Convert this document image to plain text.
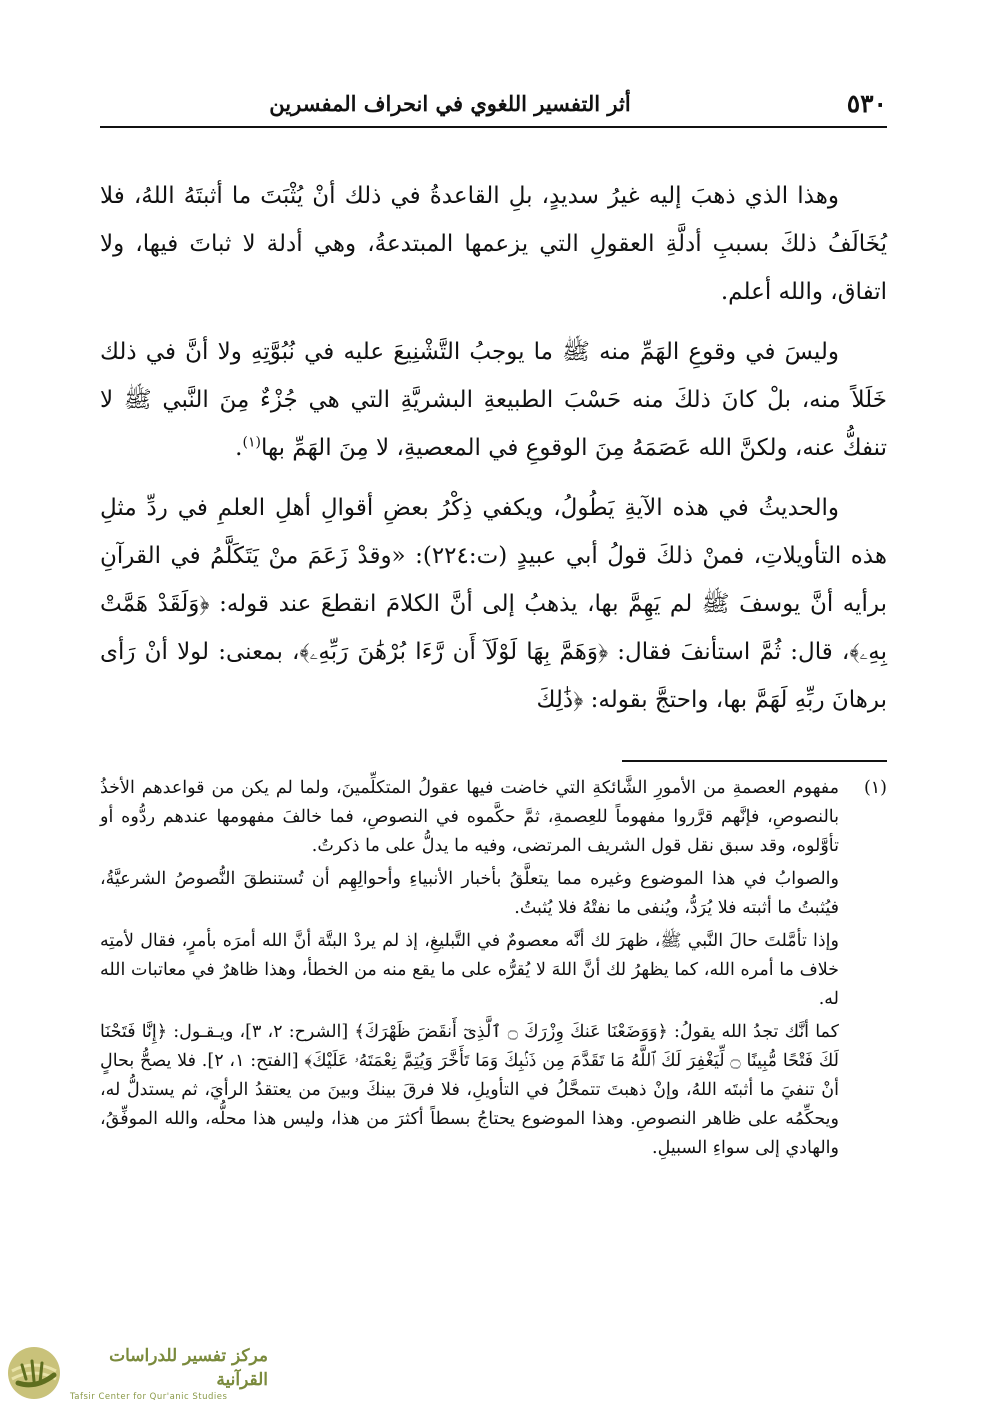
٥٣٠
أثر التفسير اللغوي في انحراف المفسرين

وهذا الذي ذهبَ إليه غيرُ سديدٍ، بلِ القاعدةُ في ذلك أنْ يُثْبَتَ ما أثبتَهُ اللهُ، فلا يُخَالَفُ ذلكَ بسببِ أدلَّةِ العقولِ التي يزعمها المبتدعةُ، وهي أدلة لا ثباتَ فيها، ولا اتفاق، والله أعلم.

وليسَ في وقوعِ الهَمِّ منه ﷺ ما يوجبُ التَّشْنِيعَ عليه في نُبُوَّتِهِ ولا أنَّ في ذلك خَلَلاً منه، بلْ كانَ ذلكَ منه حَسْبَ الطبيعةِ البشريَّةِ التي هي جُزْءٌ مِنَ النَّبي ﷺ لا تنفكُّ عنه، ولكنَّ الله عَصَمَهُ مِنَ الوقوعِ في المعصيةِ، لا مِنَ الهَمِّ بها$^{(١)}$.

والحديثُ في هذه الآيةِ يَطُولُ، ويكفي ذِكْرُ بعضِ أقوالِ أهلِ العلمِ في ردِّ مثلِ هذه التأويلاتِ، فمنْ ذلكَ قولُ أبي عبيدٍ (ت:٢٢٤): «وقدْ زَعَمَ منْ يَتَكَلَّمُ في القرآنِ برأيه أنَّ يوسفَ ﷺ لم يَهِمَّ بها، يذهبُ إلى أنَّ الكلامَ انقطعَ عند قوله: ﴿وَلَقَدْ هَمَّتْ بِهِۦ﴾، قال: ثُمَّ استأنفَ فقال: ﴿وَهَمَّ بِهَا لَوْلَآ أَن رَّءَا بُرْهَٰنَ رَبِّهِۦ﴾، بمعنى: لولا أنْ رَأى برهانَ ربِّهِ لَهَمَّ بها، واحتجَّ بقوله: ﴿ذَٰلِكَ

(١)

مفهوم العصمةِ من الأمورِ الشَّائكةِ التي خاضت فيها عقولُ المتكلِّمينَ، ولما لم يكن من قواعدهم الأخذُ بالنصوصِ، فإنَّهم قرَّروا مفهوماً للعِصمةِ، ثمَّ حكَّموه في النصوصِ، فما خالفَ مفهومها عندهم ردُّوه أو تأوَّلوه، وقد سبق نقل قول الشريف المرتضى، وفيه ما يدلُّ على ما ذكرتُ.

والصوابُ في هذا الموضوع وغيره مما يتعلَّقُ بأخبار الأنبياءِ وأحوالِهِم أن تُستنطقَ النُّصوصُ الشرعيَّةُ، فيُثبتُ ما أثبته فلا يُرَدُّ، ويُنفى ما نفتْهُ فلا يُثبتُ.

وإذا تأمَّلتَ حالَ النَّبي ﷺ، ظهرَ لك أنَّه معصومٌ في التَّبليغِ، إذ لم يردْ البتَّة أنَّ الله أمرَه بأمرٍ، فقال لأمتِه خلاف ما أمره الله، كما يظهرُ لك أنَّ اللهَ لا يُقرُّه على ما يقع منه من الخطأ، وهذا ظاهرٌ في معاتبات الله له.

كما أنَّك تجدُ الله يقولُ: ﴿وَوَضَعْنَا عَنكَ وِزْرَكَ ۝ ٱلَّذِىٓ أَنقَضَ ظَهْرَكَ﴾ [الشرح: ٢، ٣]، ويـقـول: ﴿إِنَّا فَتَحْنَا لَكَ فَتْحًا مُّبِينًا ۝ لِّيَغْفِرَ لَكَ ٱللَّهُ مَا تَقَدَّمَ مِن ذَنۢبِكَ وَمَا تَأَخَّرَ وَيُتِمَّ نِعْمَتَهُۥ عَلَيْكَ﴾ [الفتح: ١، ٢]. فلا يصحُّ بحالٍ أنْ تنفيَ ما أثبتَه اللهُ، وإنْ ذهبتَ تتمحَّلُ في التأويلِ، فلا فرقَ بينكَ وبينَ من يعتقدُ الرأيَ، ثم يستدلُّ له، ويحكِّمُه على ظاهر النصوصِ. وهذا الموضوع يحتاجُ بسطاً أكثرَ من هذا، وليس هذا محلُّه، والله الموفِّقُ، والهادي إلى سواءِ السبيلِ.

مركز تفسير للدراسات القرآنية
Tafsir Center for Qur'anic Studies
